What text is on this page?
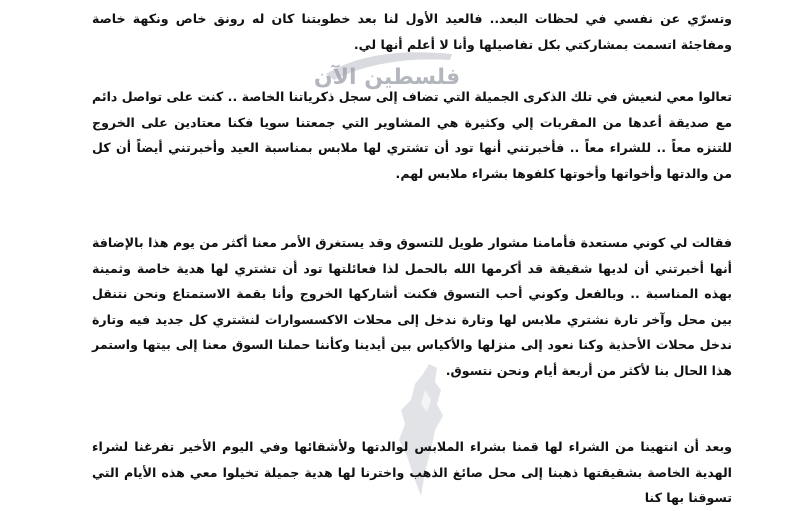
فلسطين الآن

وتسرّي عن نفسي في لحظات البعد.. فالعيد الأول لنا بعد خطوبتنا كان له رونق خاص ونكهة خاصة ومفاجئة اتسمت بمشاركتي بكل تفاصيلها وأنا لا أعلم أنها لي.

تعالوا معي لنعيش في تلك الذكرى الجميلة التي تضاف إلى سجل ذكرياتنا الخاصة .. كنت على تواصل دائم مع صديقة أعدها من المقربات إلي وكثيرة هي المشاوير التي جمعتنا سويا فكنا معتادين على الخروج للتنزه معاً .. للشراء معاً .. فأخبرتني أنها تود أن تشتري لها ملابس بمناسبة العيد وأخبرتني أيضاً أن كل من والدتها وأخواتها وأخوتها كلفوها بشراء ملابس لهم.

فقالت لي كوني مستعدة فأمامنا مشوار طويل للتسوق وقد يستغرق الأمر معنا أكثر من يوم هذا بالإضافة أنها أخبرتني أن لديها شقيقة قد أكرمها الله بالحمل لذا فعائلتها تود أن تشتري لها هدية خاصة وثمينة بهذه المناسبة .. وبالفعل وكوني أحب التسوق فكنت أشاركها الخروج وأنا بقمة الاستمتاع ونحن نتنقل بين محل وآخر تارة نشتري ملابس لها وتارة ندخل إلى محلات الاكسسوارات لنشتري كل جديد فيه وتارة ندخل محلات الأحذية وكنا نعود إلى منزلها والأكياس بين أيدينا وكأننا حملنا السوق معنا إلى بيتها واستمر هذا الحال بنا لأكثر من أربعة أيام ونحن نتسوق.

وبعد أن انتهينا من الشراء لها قمنا بشراء الملابس لوالدتها ولأشقائها وفي اليوم الأخير تفرغنا لشراء الهدية الخاصة بشقيقتها ذهبنا إلى محل صائغ الذهب واخترنا لها هدية جميلة تخيلوا معي هذه الأيام التي تسوقنا بها كنا
